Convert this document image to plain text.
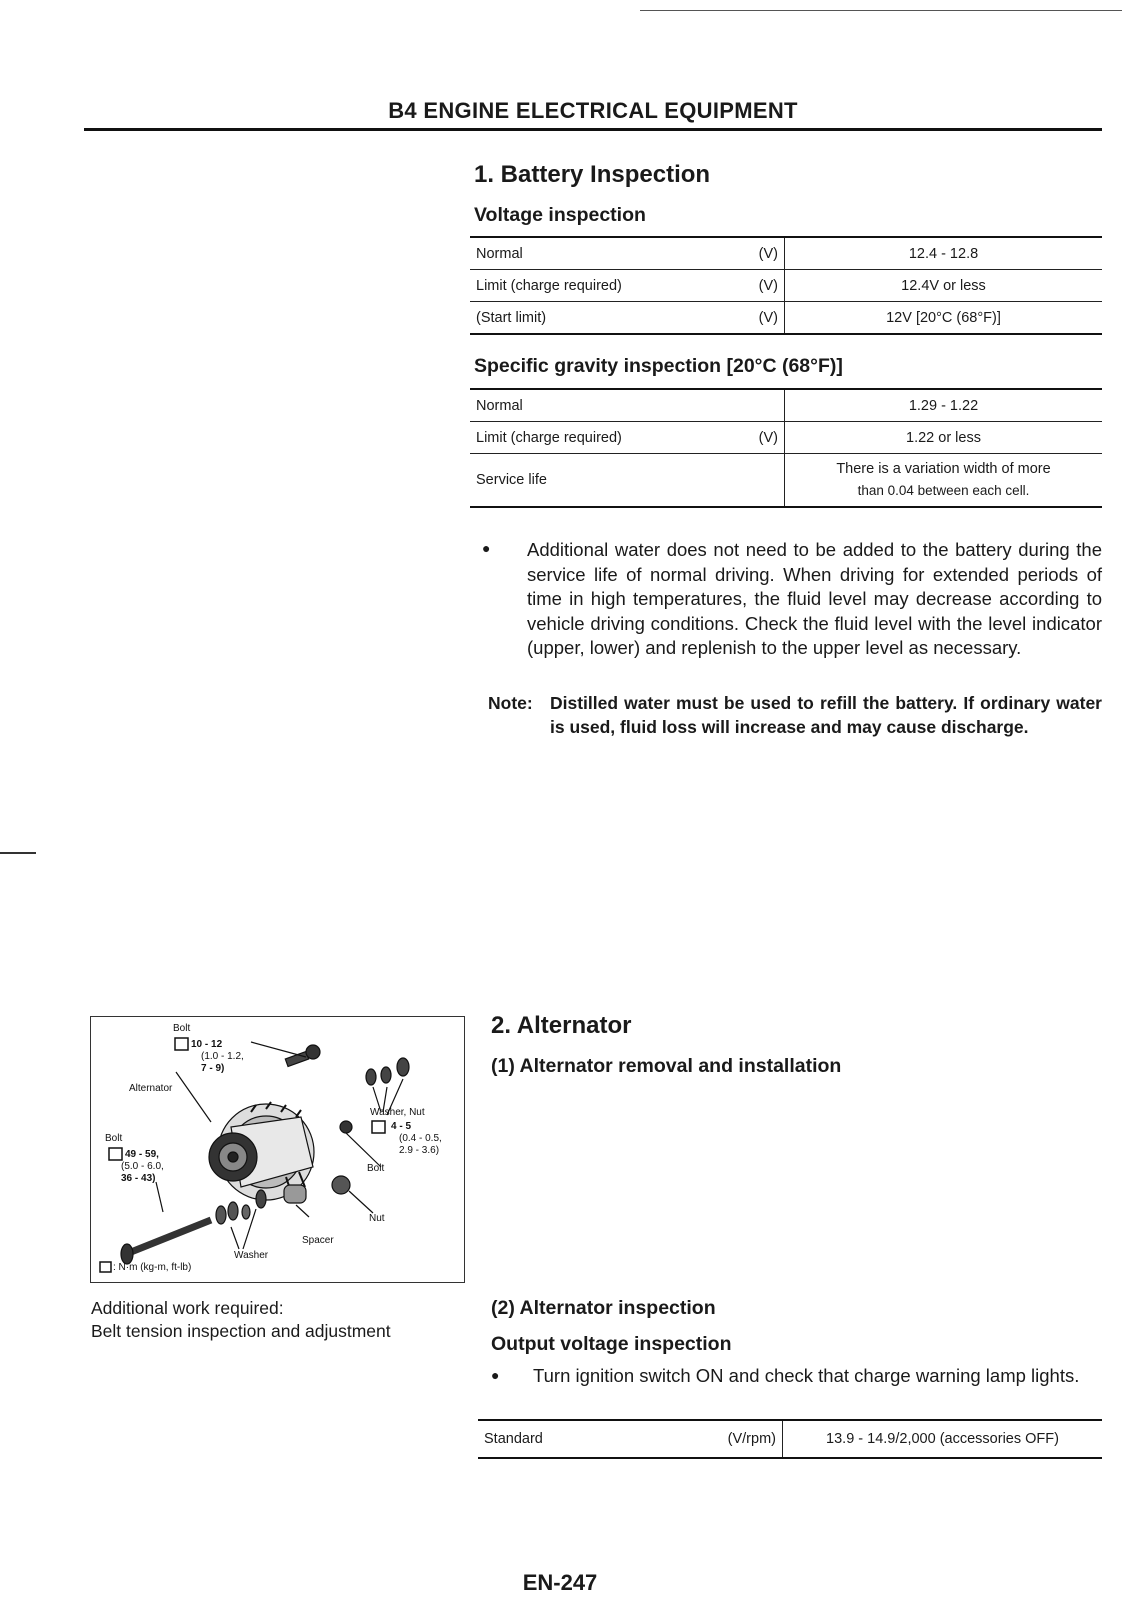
B4 ENGINE ELECTRICAL EQUIPMENT
1. Battery Inspection
Voltage inspection
Normal	(V)	12.4 - 12.8
Limit (charge required)	(V)	12.4V or less
(Start limit)	(V)	12V [20°C (68°F)]
Specific gravity inspection [20°C (68°F)]
Normal		1.29 - 1.22
Limit (charge required)	(V)	1.22 or less
Service life		There is a variation width of more
than 0.04 between each cell.
● Additional water does not need to be added to the battery during the service life of normal driving. When driving for extended periods of time in high temperatures, the fluid level may decrease according to vehicle driving conditions. Check the fluid level with the level indicator (upper, lower) and replenish to the upper level as necessary.
Note: Distilled water must be used to refill the battery. If ordinary water is used, fluid loss will increase and may cause discharge.
2. Alternator
(1) Alternator removal and installation
Bolt
10 - 12
(1.0 - 1.2,
7 - 9)
Alternator
Bolt
49 - 59,
(5.0 - 6.0,
36 - 43)
Washer, Nut
4 - 5
(0.4 - 0.5,
2.9 - 3.6)
Bolt
Nut
Spacer
Washer
: N·m (kg-m, ft-lb)
Additional work required:
Belt tension inspection and adjustment
(2) Alternator inspection
Output voltage inspection
● Turn ignition switch ON and check that charge warning lamp lights.
Standard	(V/rpm)	13.9 - 14.9/2,000 (accessories OFF)
EN-247
